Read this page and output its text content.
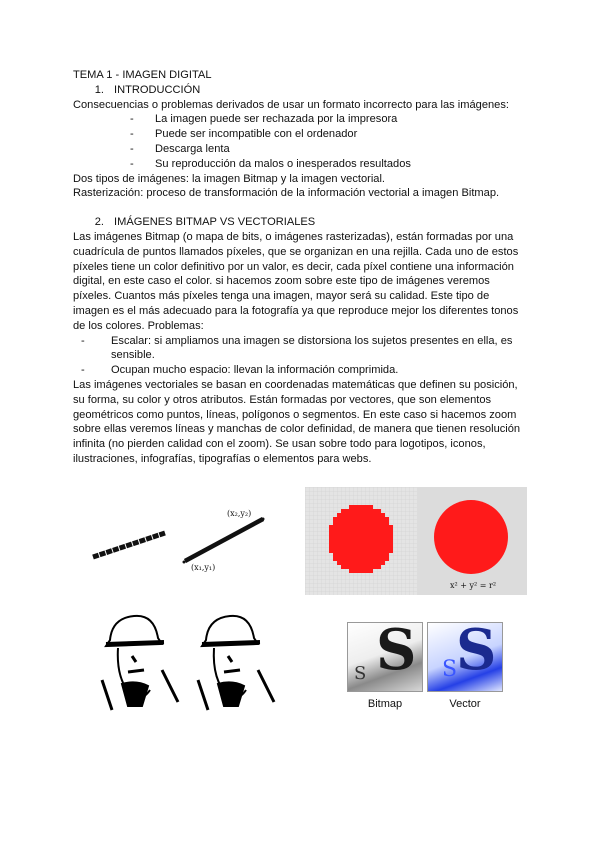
TEMA 1 - IMAGEN DIGITAL
1. INTRODUCCIÓN
Consecuencias o problemas derivados de usar un formato incorrecto para las imágenes:
- La imagen puede ser rechazada por la impresora
- Puede ser incompatible con el ordenador
- Descarga lenta
- Su reproducción da malos o inesperados resultados
Dos tipos de imágenes: la imagen Bitmap y la imagen vectorial.
Rasterización: proceso de transformación de la información vectorial a imagen Bitmap.
2. IMÁGENES BITMAP VS VECTORIALES
Las imágenes Bitmap (o mapa de bits, o imágenes rasterizadas), están formadas por una
cuadrícula de puntos llamados píxeles, que se organizan en una rejilla. Cada uno de estos
píxeles tiene un color definitivo por un valor, es decir, cada píxel contiene una información
digital, en este caso el color. si hacemos zoom sobre este tipo de imágenes veremos
píxeles. Cuantos más píxeles tenga una imagen, mayor será su calidad. Este tipo de
imagen es el más adecuado para la fotografía ya que reproduce mejor los diferentes tonos
de los colores. Problemas:
- Escalar: si ampliamos una imagen se distorsiona los sujetos presentes en ella, es
sensible.
- Ocupan mucho espacio: llevan la información comprimida.
Las imágenes vectoriales se basan en coordenadas matemáticas que definen su posición,
su forma, su color y otros atributos. Están formadas por vectores, que son elementos
geométricos como puntos, líneas, polígonos o segmentos. En este caso si hacemos zoom
sobre ellas veremos líneas y manchas de color definidad, de manera que tienen resolución
infinita (no pierden calidad con el zoom). Se usan sobre todo para logotipos, iconos,
ilustraciones, infografías, tipografías o elementos para webs.
(x₂,y₂)
(x₁,y₁)
x² + y² = r²
S
S S
S
Bitmap	Vector
